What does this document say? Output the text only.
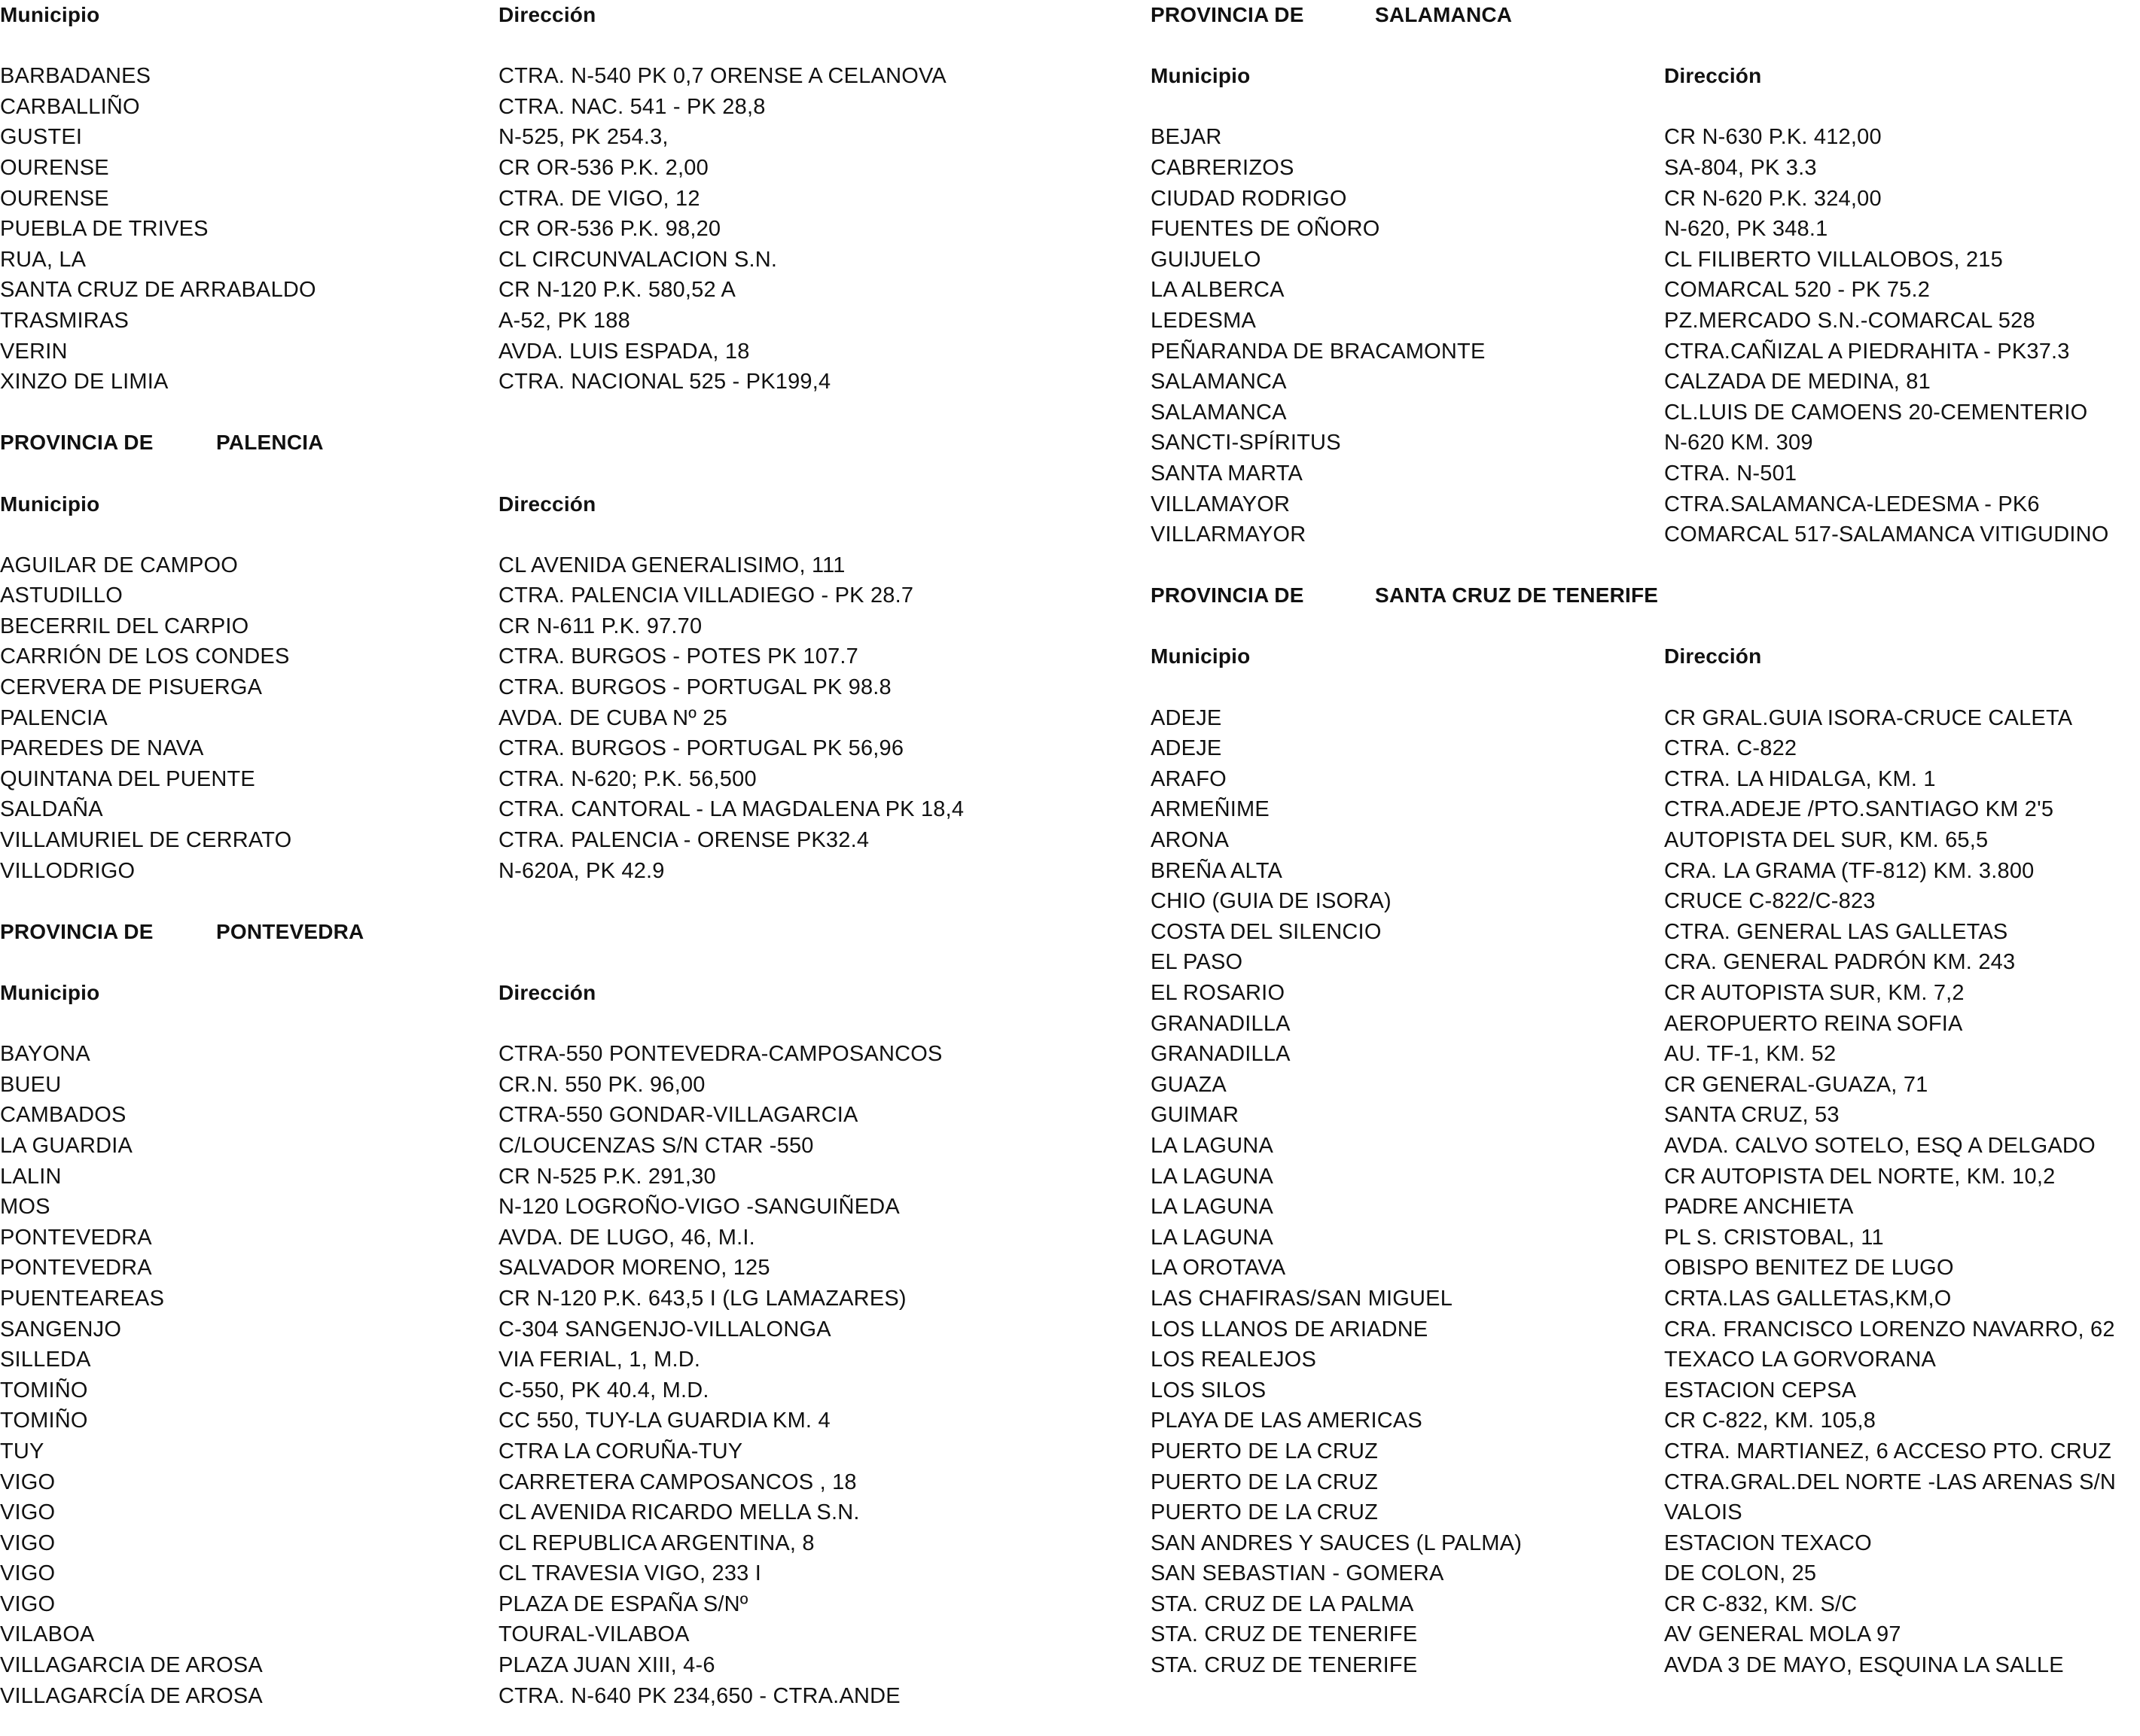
Municipio	Dirección
BARBADANES	CTRA. N-540 PK 0,7 ORENSE A CELANOVA
CARBALLIÑO	CTRA. NAC. 541 - PK 28,8
GUSTEI	N-525, PK 254.3,
OURENSE	CR OR-536 P.K. 2,00
OURENSE	CTRA. DE VIGO, 12
PUEBLA DE TRIVES	CR OR-536 P.K. 98,20
RUA, LA	CL CIRCUNVALACION S.N.
SANTA CRUZ DE ARRABALDO	CR N-120 P.K. 580,52 A
TRASMIRAS	A-52, PK 188
VERIN	AVDA. LUIS ESPADA, 18
XINZO DE LIMIA	CTRA. NACIONAL 525 - PK199,4
PROVINCIA DE	PALENCIA
Municipio	Dirección
AGUILAR DE CAMPOO	CL AVENIDA GENERALISIMO, 111
ASTUDILLO	CTRA. PALENCIA VILLADIEGO - PK 28.7
BECERRIL DEL CARPIO	CR N-611 P.K. 97.70
CARRIÓN DE LOS CONDES	CTRA. BURGOS - POTES PK 107.7
CERVERA DE PISUERGA	CTRA. BURGOS - PORTUGAL PK 98.8
PALENCIA	AVDA. DE CUBA Nº 25
PAREDES DE NAVA	CTRA. BURGOS - PORTUGAL PK 56,96
QUINTANA DEL PUENTE	CTRA. N-620; P.K. 56,500
SALDAÑA	CTRA. CANTORAL - LA MAGDALENA PK 18,4
VILLAMURIEL DE CERRATO	CTRA. PALENCIA - ORENSE PK32.4
VILLODRIGO	N-620A, PK 42.9
PROVINCIA DE	PONTEVEDRA
Municipio	Dirección
BAYONA	CTRA-550 PONTEVEDRA-CAMPOSANCOS
BUEU	CR.N. 550 PK. 96,00
CAMBADOS	CTRA-550 GONDAR-VILLAGARCIA
LA GUARDIA	C/LOUCENZAS S/N CTAR -550
LALIN	CR N-525 P.K. 291,30
MOS	N-120 LOGROÑO-VIGO -SANGUIÑEDA
PONTEVEDRA	AVDA. DE LUGO, 46, M.I.
PONTEVEDRA	SALVADOR MORENO, 125
PUENTEAREAS	CR N-120 P.K. 643,5 I (LG LAMAZARES)
SANGENJO	C-304 SANGENJO-VILLALONGA
SILLEDA	VIA FERIAL, 1, M.D.
TOMIÑO	C-550, PK 40.4, M.D.
TOMIÑO	CC 550, TUY-LA GUARDIA KM. 4
TUY	CTRA LA CORUÑA-TUY
VIGO	CARRETERA CAMPOSANCOS , 18
VIGO	CL AVENIDA RICARDO MELLA S.N.
VIGO	CL REPUBLICA ARGENTINA, 8
VIGO	CL TRAVESIA VIGO, 233 I
VIGO	PLAZA DE ESPAÑA S/Nº
VILABOA	TOURAL-VILABOA
VILLAGARCIA DE AROSA	PLAZA JUAN XIII, 4-6
VILLAGARCÍA DE AROSA	CTRA. N-640 PK 234,650 - CTRA.ANDE
PROVINCIA DE	SALAMANCA
Municipio	Dirección
BEJAR	CR N-630 P.K. 412,00
CABRERIZOS	SA-804, PK 3.3
CIUDAD RODRIGO	CR N-620 P.K. 324,00
FUENTES DE OÑORO	N-620, PK 348.1
GUIJUELO	CL FILIBERTO VILLALOBOS, 215
LA ALBERCA	COMARCAL 520 - PK 75.2
LEDESMA	PZ.MERCADO S.N.-COMARCAL 528
PEÑARANDA DE BRACAMONTE	CTRA.CAÑIZAL A PIEDRAHITA - PK37.3
SALAMANCA	CALZADA DE MEDINA, 81
SALAMANCA	CL.LUIS DE CAMOENS 20-CEMENTERIO
SANCTI-SPÍRITUS	N-620 KM. 309
SANTA MARTA	CTRA. N-501
VILLAMAYOR	CTRA.SALAMANCA-LEDESMA - PK6
VILLARMAYOR	COMARCAL 517-SALAMANCA VITIGUDINO
PROVINCIA DE	SANTA CRUZ DE TENERIFE
Municipio	Dirección
ADEJE	CR GRAL.GUIA ISORA-CRUCE CALETA
ADEJE	CTRA. C-822
ARAFO	CTRA. LA HIDALGA, KM. 1
ARMEÑIME	CTRA.ADEJE /PTO.SANTIAGO KM 2'5
ARONA	AUTOPISTA DEL SUR, KM. 65,5
BREÑA ALTA	CRA. LA GRAMA (TF-812) KM. 3.800
CHIO (GUIA DE ISORA)	CRUCE C-822/C-823
COSTA DEL SILENCIO	CTRA. GENERAL LAS GALLETAS
EL PASO	CRA. GENERAL PADRÓN KM. 243
EL ROSARIO	CR AUTOPISTA SUR, KM. 7,2
GRANADILLA	AEROPUERTO REINA SOFIA
GRANADILLA	AU. TF-1, KM. 52
GUAZA	CR GENERAL-GUAZA, 71
GUIMAR	SANTA CRUZ, 53
LA LAGUNA	AVDA. CALVO SOTELO, ESQ A DELGADO
LA LAGUNA	CR AUTOPISTA DEL NORTE, KM. 10,2
LA LAGUNA	PADRE ANCHIETA
LA LAGUNA	PL S. CRISTOBAL, 11
LA OROTAVA	OBISPO BENITEZ DE LUGO
LAS CHAFIRAS/SAN MIGUEL	CRTA.LAS GALLETAS,KM,O
LOS LLANOS DE ARIADNE	CRA. FRANCISCO LORENZO NAVARRO, 62
LOS REALEJOS	TEXACO LA GORVORANA
LOS SILOS	ESTACION CEPSA
PLAYA DE LAS AMERICAS	CR C-822, KM. 105,8
PUERTO DE LA CRUZ	CTRA. MARTIANEZ, 6 ACCESO PTO. CRUZ
PUERTO DE LA CRUZ	CTRA.GRAL.DEL NORTE -LAS ARENAS S/N
PUERTO DE LA CRUZ	VALOIS
SAN ANDRES Y SAUCES (L PALMA)	ESTACION TEXACO
SAN SEBASTIAN - GOMERA	DE COLON, 25
STA. CRUZ DE LA PALMA	CR C-832, KM. S/C
STA. CRUZ DE TENERIFE	AV GENERAL MOLA 97
STA. CRUZ DE TENERIFE	AVDA 3 DE MAYO, ESQUINA LA SALLE
